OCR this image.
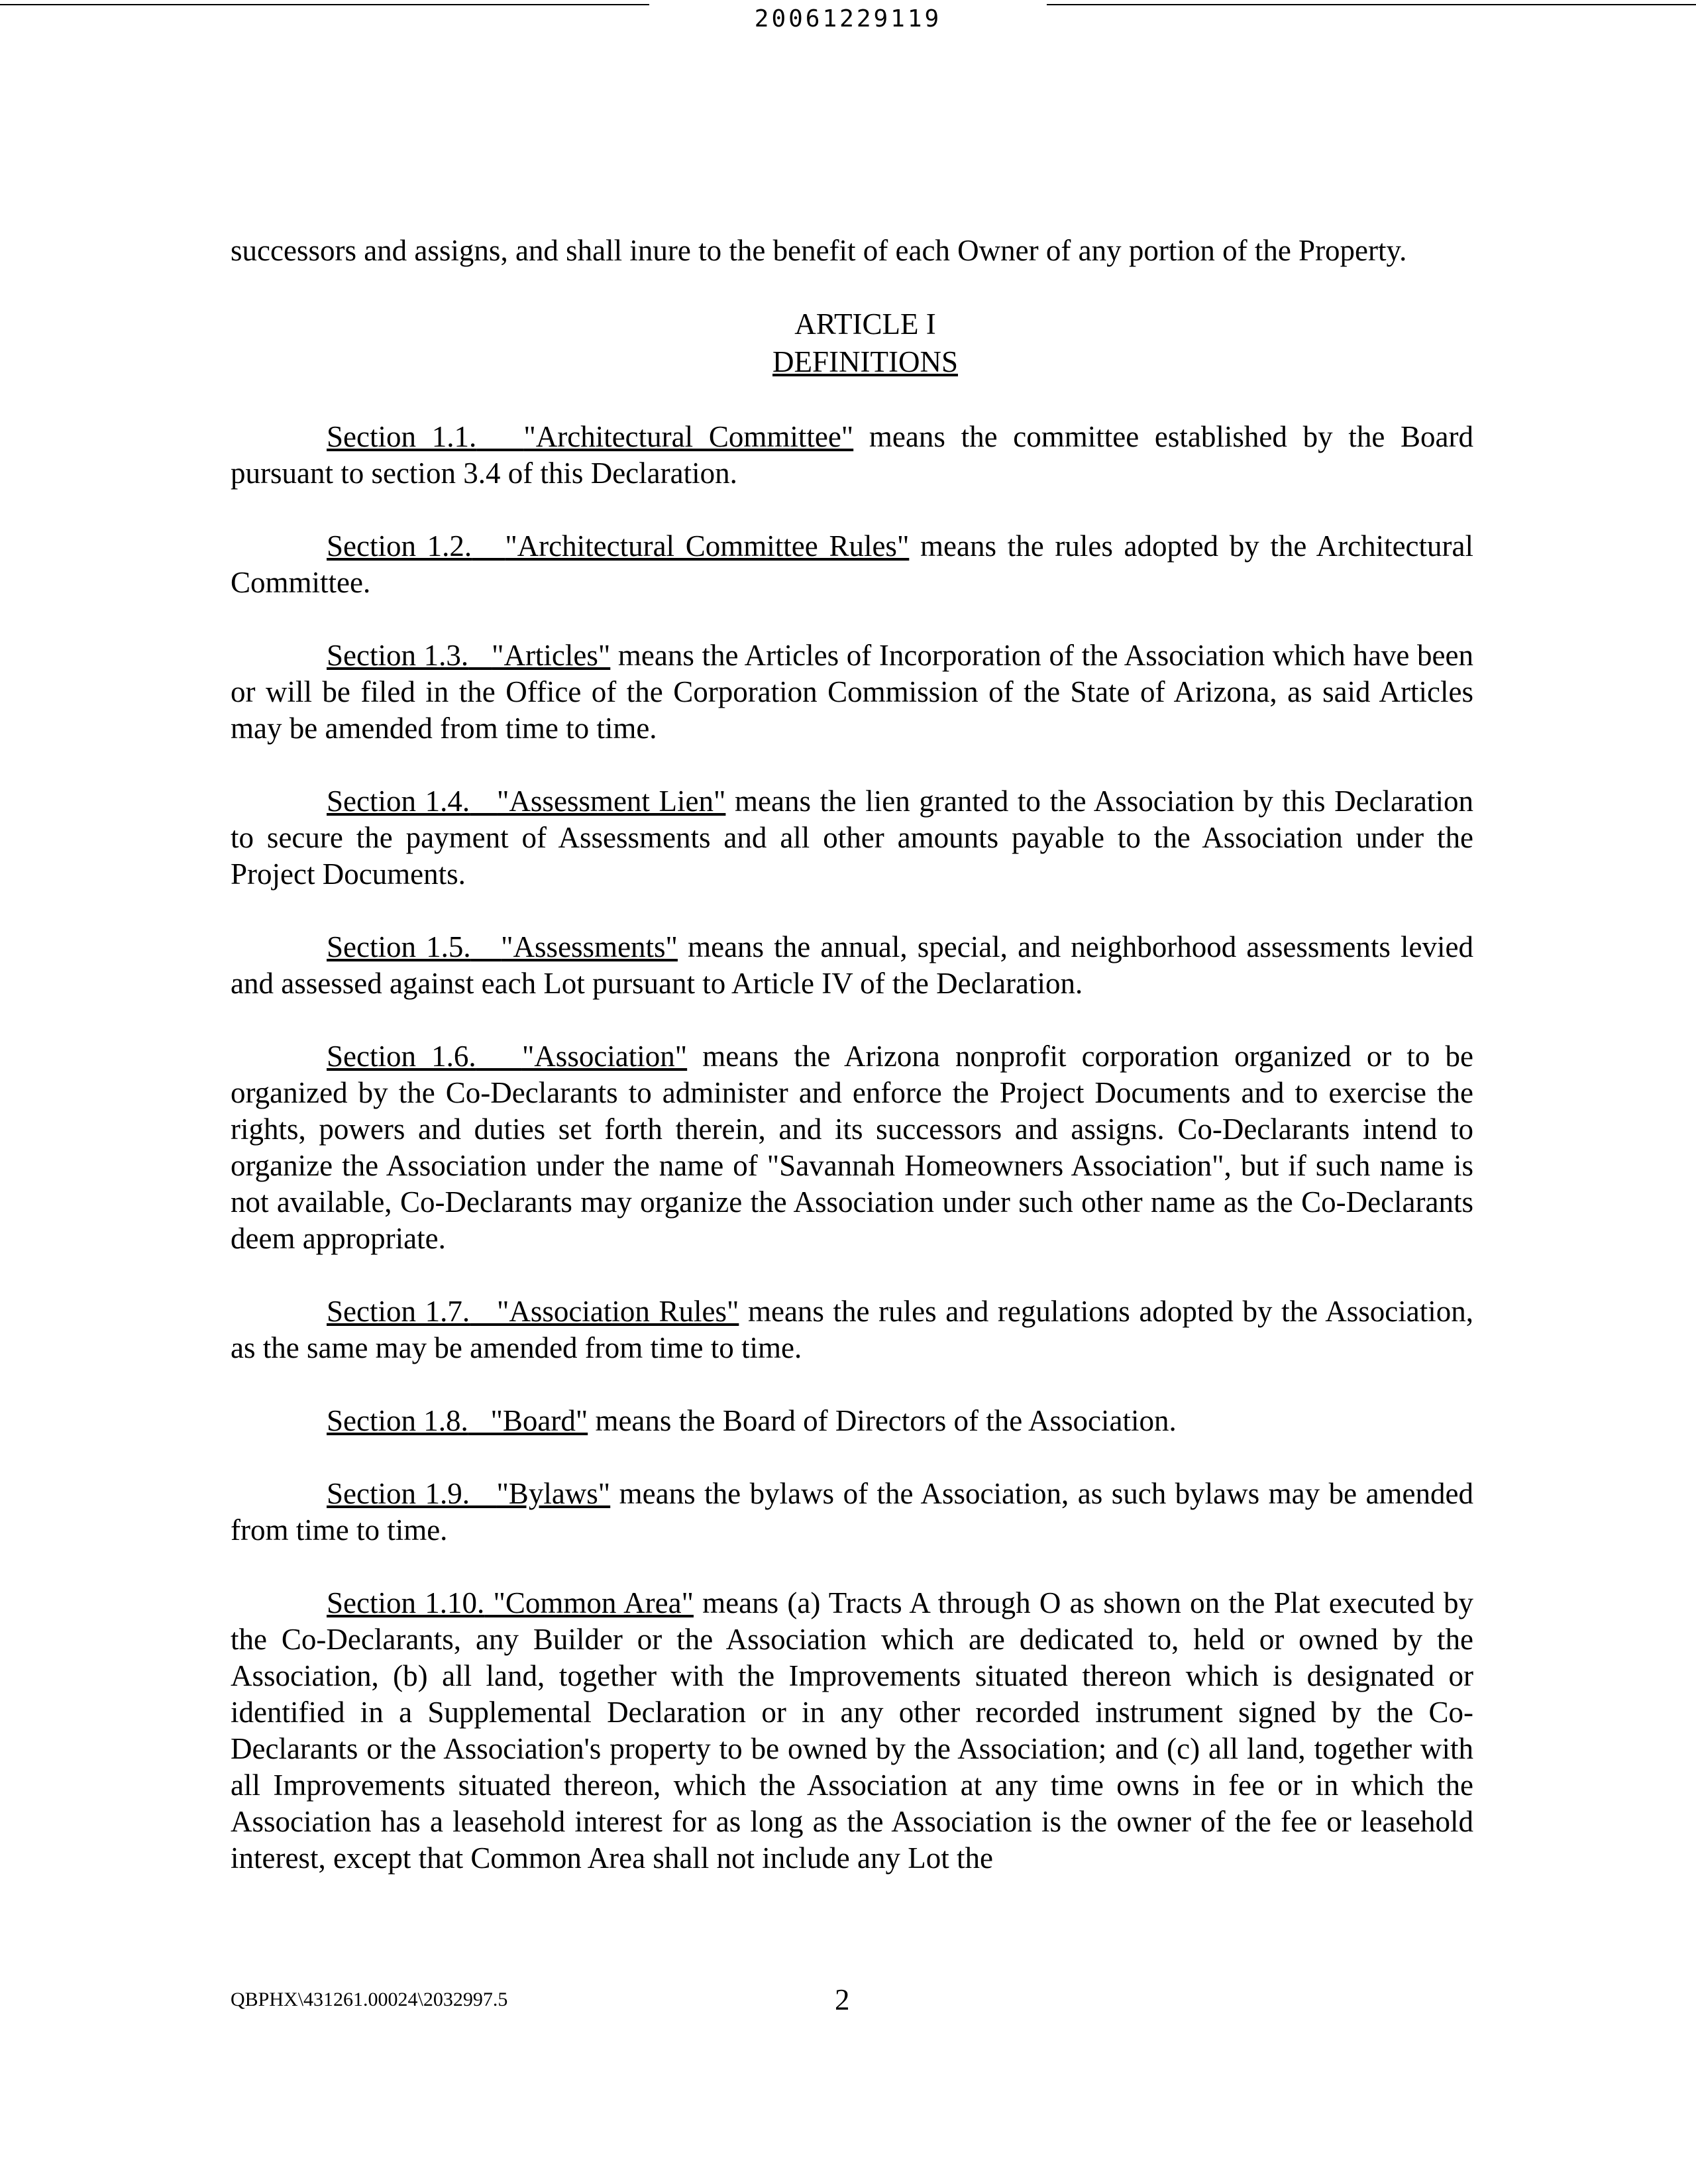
20061229119

successors and assigns, and shall inure to the benefit of each Owner of any portion of the Property.

ARTICLE I
DEFINITIONS

Section 1.1. "Architectural Committee" means the committee established by the Board pursuant to section 3.4 of this Declaration.

Section 1.2. "Architectural Committee Rules" means the rules adopted by the Architectural Committee.

Section 1.3. "Articles" means the Articles of Incorporation of the Association which have been or will be filed in the Office of the Corporation Commission of the State of Arizona, as said Articles may be amended from time to time.

Section 1.4. "Assessment Lien" means the lien granted to the Association by this Declaration to secure the payment of Assessments and all other amounts payable to the Association under the Project Documents.

Section 1.5. "Assessments" means the annual, special, and neighborhood assessments levied and assessed against each Lot pursuant to Article IV of the Declaration.

Section 1.6. "Association" means the Arizona nonprofit corporation organized or to be organized by the Co-Declarants to administer and enforce the Project Documents and to exercise the rights, powers and duties set forth therein, and its successors and assigns. Co-Declarants intend to organize the Association under the name of "Savannah Homeowners Association", but if such name is not available, Co-Declarants may organize the Association under such other name as the Co-Declarants deem appropriate.

Section 1.7. "Association Rules" means the rules and regulations adopted by the Association, as the same may be amended from time to time.

Section 1.8. "Board" means the Board of Directors of the Association.

Section 1.9. "Bylaws" means the bylaws of the Association, as such bylaws may be amended from time to time.

Section 1.10. "Common Area" means (a) Tracts A through O as shown on the Plat executed by the Co-Declarants, any Builder or the Association which are dedicated to, held or owned by the Association, (b) all land, together with the Improvements situated thereon which is designated or identified in a Supplemental Declaration or in any other recorded instrument signed by the Co-Declarants or the Association's property to be owned by the Association; and (c) all land, together with all Improvements situated thereon, which the Association at any time owns in fee or in which the Association has a leasehold interest for as long as the Association is the owner of the fee or leasehold interest, except that Common Area shall not include any Lot the

QBPHX\431261.00024\2032997.5	2
